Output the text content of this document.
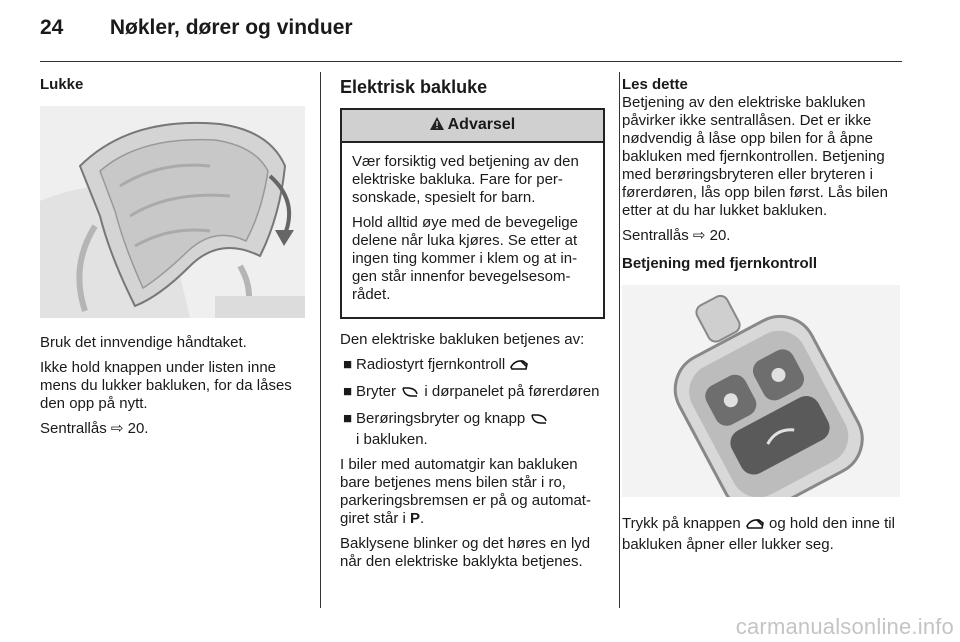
24 Nøkler, dører og vinduer
Lukke

Bruk det innvendige håndtaket.

Ikke hold knappen under listen inne mens du lukker bakluken, for da låses den opp på nytt.

Sentrallås ⇨ 20.

Elektrisk bakluke
Advarsel

Vær forsiktig ved betjening av den elektriske bakluka. Fare for personskade, spesielt for barn.

Hold alltid øye med de bevegelige delene når luka kjøres. Se etter at ingen ting kommer i klem og at ingen står innenfor bevegelsesområdet.

Den elektriske bakluken betjenes av:

■ Radiostyrt fjernkontroll
■ Bryter i dørpanelet på førerdøren
■ Berøringsbryter og knapp
i bakluken.

I biler med automatgir kan bakluken bare betjenes mens bilen står i ro, parkeringsbremsen er på og automatgiret står i P.

Baklysene blinker og det høres en lyd når den elektriske baklykta betjenes.

Les dette

Betjening av den elektriske bakluken påvirker ikke sentrallåsen. Det er ikke nødvendig å låse opp bilen for å åpne bakluken med fjernkontrollen. Betjening med berøringsbryteren eller bryteren i førerdøren, lås opp bilen først. Lås bilen etter at du har lukket bakluken.

Sentrallås ⇨ 20.

Betjening med fjernkontroll

Trykk på knappen og hold den inne til bakluken åpner eller lukker seg.

carmanualsonline.info
